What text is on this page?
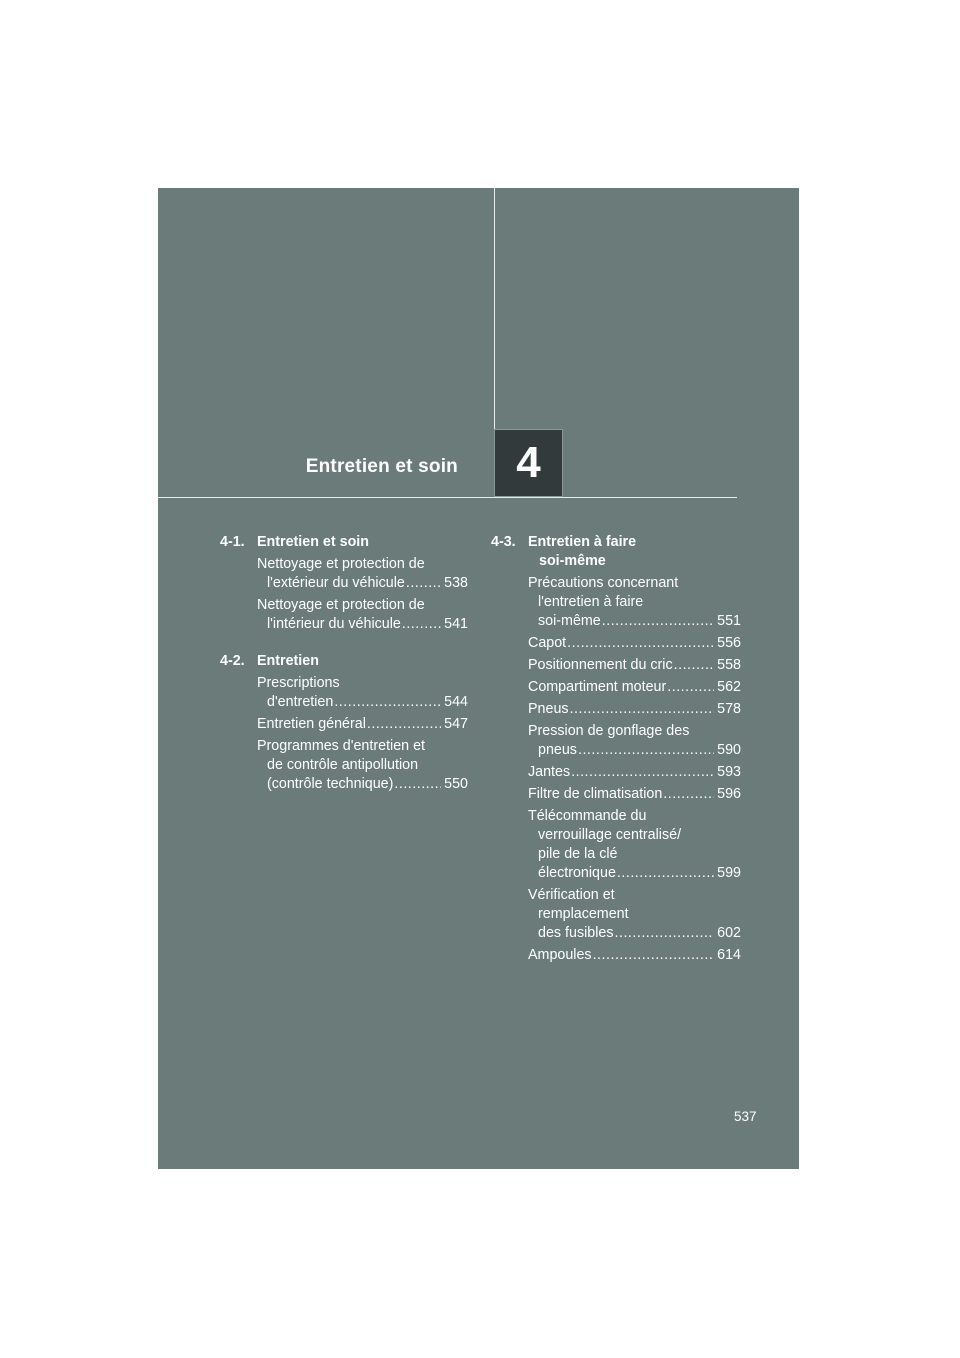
Entretien et soin 4
4-1. Entretien et soin
Nettoyage et protection de
l'extérieur du véhicule .....	538
Nettoyage et protection de
l'intérieur du véhicule .....	541
4-2. Entretien
Prescriptions
d'entretien .....	544
Entretien général .....	547
Programmes d'entretien et
de contrôle antipollution
(contrôle technique) .....	550
4-3. Entretien à faire
soi-même
Précautions concernant
l'entretien à faire
soi-même .....	551
Capot .....	556
Positionnement du cric .....	558
Compartiment moteur .....	562
Pneus .....	578
Pression de gonflage des
pneus .....	590
Jantes .....	593
Filtre de climatisation .....	596
Télécommande du
verrouillage centralisé/
pile de la clé
électronique .....	599
Vérification et
remplacement
des fusibles .....	602
Ampoules .....	614
537
